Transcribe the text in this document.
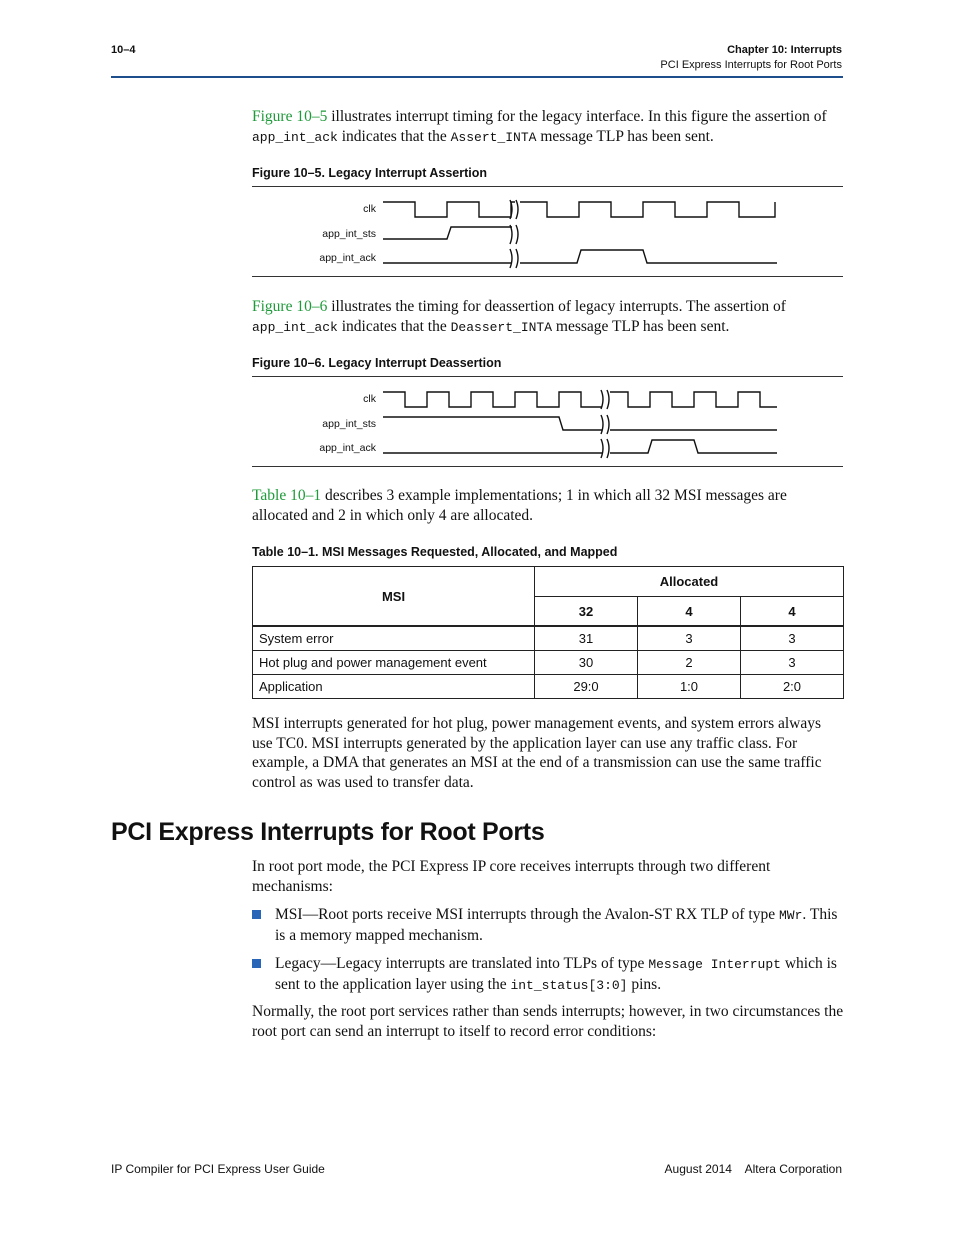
10–4	Chapter 10: Interrupts
PCI Express Interrupts for Root Ports
Figure 10–5 illustrates interrupt timing for the legacy interface. In this figure the assertion of app_int_ack indicates that the Assert_INTA message TLP has been sent.
Figure 10–5. Legacy Interrupt Assertion
clk
app_int_sts
app_int_ack
Figure 10–6 illustrates the timing for deassertion of legacy interrupts. The assertion of app_int_ack indicates that the Deassert_INTA message TLP has been sent.
Figure 10–6. Legacy Interrupt Deassertion
clk
app_int_sts
app_int_ack
Table 10–1 describes 3 example implementations; 1 in which all 32 MSI messages are allocated and 2 in which only 4 are allocated.
Table 10–1. MSI Messages Requested, Allocated, and Mapped
MSI	Allocated		
	32	4	4
System error	31	3	3
Hot plug and power management event	30	2	3
Application	29:0	1:0	2:0
MSI interrupts generated for hot plug, power management events, and system errors always use TC0. MSI interrupts generated by the application layer can use any traffic class. For example, a DMA that generates an MSI at the end of a transmission can use the same traffic control as was used to transfer data.
PCI Express Interrupts for Root Ports
In root port mode, the PCI Express IP core receives interrupts through two different mechanisms:
MSI—Root ports receive MSI interrupts through the Avalon-ST RX TLP of type MWr. This is a memory mapped mechanism.
Legacy—Legacy interrupts are translated into TLPs of type Message Interrupt which is sent to the application layer using the int_status[3:0] pins.
Normally, the root port services rather than sends interrupts; however, in two circumstances the root port can send an interrupt to itself to record error conditions:
IP Compiler for PCI Express User Guide	August 2014    Altera Corporation
